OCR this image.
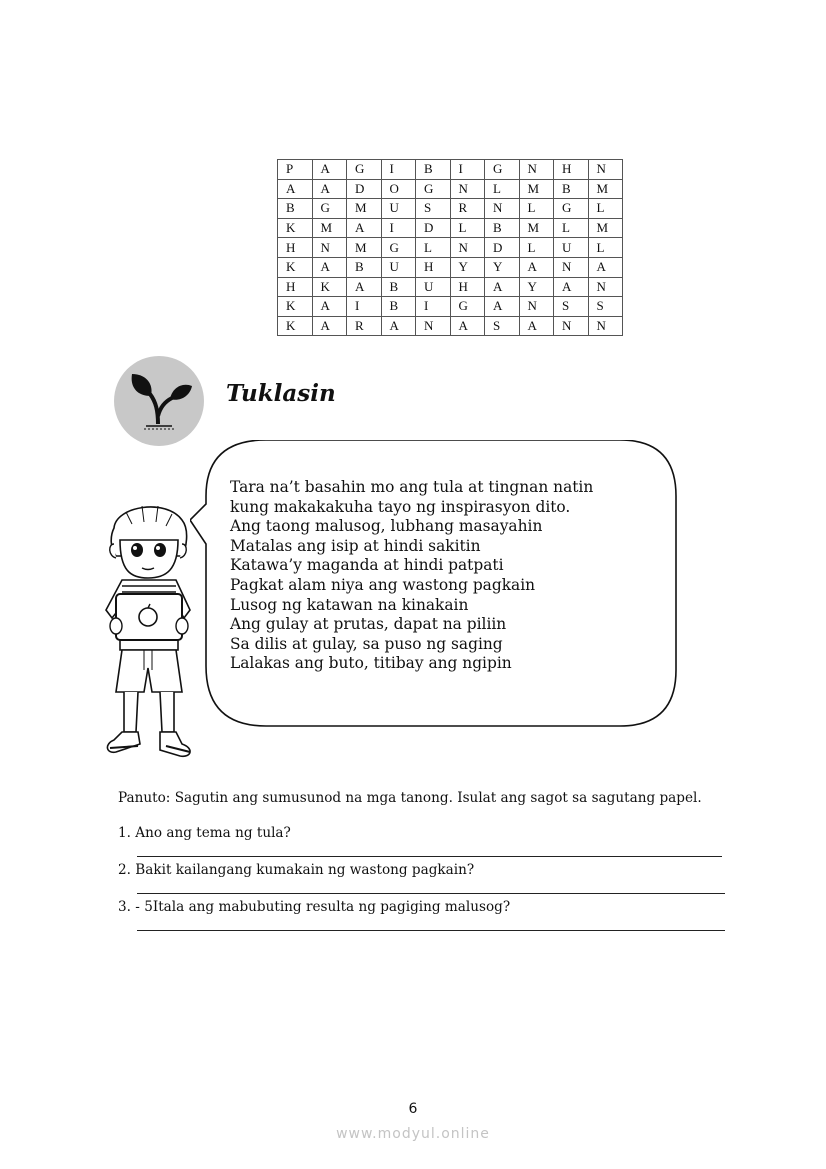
P	A	G	I	B	I	G	N	H	N
A	A	D	O	G	N	L	M	B	M
B	G	M	U	S	R	N	L	G	L
K	M	A	I	D	L	B	M	L	M
H	N	M	G	L	N	D	L	U	L
K	A	B	U	H	Y	Y	A	N	A
H	K	A	B	U	H	A	Y	A	N
K	A	I	B	I	G	A	N	S	S
K	A	R	A	N	A	S	A	N	N
Tuklasin
Tara na’t basahin mo ang tula at tingnan natin
kung makakakuha tayo ng inspirasyon dito.
Ang taong malusog, lubhang masayahin
Matalas ang isip at hindi sakitin
Katawa’y maganda at hindi patpati
Pagkat alam niya ang wastong pagkain
Lusog ng katawan na kinakain
Ang gulay at prutas, dapat na piliin
Sa dilis at gulay, sa puso ng saging
Lalakas ang buto, titibay ang ngipin
Panuto: Sagutin ang sumusunod na mga tanong. Isulat ang sagot sa sagutang papel.
1. Ano ang tema ng tula?
2. Bakit kailangang kumakain ng wastong pagkain?
3. - 5Itala ang mabubuting resulta ng pagiging malusog?
6
www.modyul.online
